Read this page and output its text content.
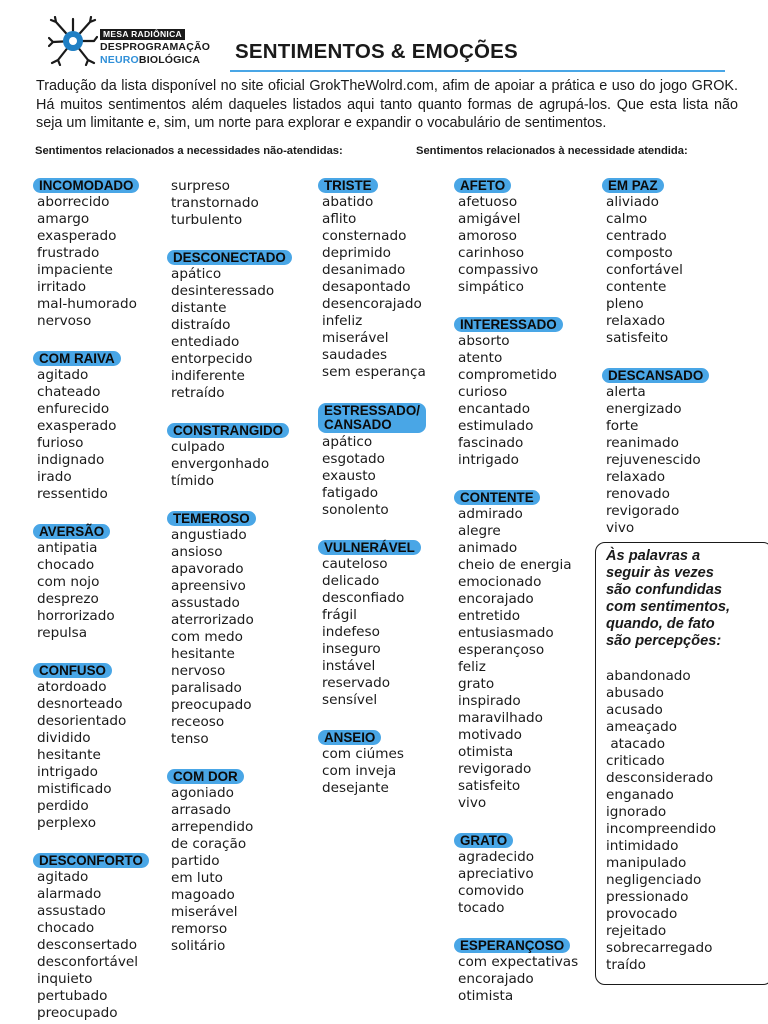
MESA RADIÔNICA
DESPROGRAMAÇÃO
NEUROBIOLÓGICA	SENTIMENTOS & EMOÇÕES

Tradução da lista disponível no site oficial GrokTheWolrd.com, afim de apoiar a prática e uso do jogo GROK. Há muitos sentimentos além daqueles listados aqui tanto quanto formas de agrupá-los. Que esta lista não seja um limitante e, sim, um norte para explorar e expandir o vocabulário de sentimentos.

Sentimentos relacionados a necessidades não-atendidas:	Sentimentos relacionados à necessidade atendida:

INCOMODADO

aborrecido

amargo

exasperado

frustrado

impaciente

irritado

mal-humorado

nervoso

COM RAIVA

agitado

chateado

enfurecido

exasperado

furioso

indignado

irado

ressentido

AVERSÃO

antipatia

chocado

com nojo

desprezo

horrorizado

repulsa

CONFUSO

atordoado

desnorteado

desorientado

dividido

hesitante

intrigado

mistificado

perdido

perplexo

DESCONFORTO

agitado

alarmado

assustado

chocado

desconsertado

desconfortável

inquieto

pertubado

preocupado

surpreso

transtornado

turbulento

DESCONECTADO

apático

desinteressado

distante

distraído

entediado

entorpecido

indiferente

retraído

CONSTRANGIDO

culpado

envergonhado

tímido

TEMEROSO

angustiado

ansioso

apavorado

apreensivo

assustado

aterrorizado

com medo

hesitante

nervoso

paralisado

preocupado

receoso

tenso

COM DOR

agoniado

arrasado

arrependido

de coração

partido

em luto

magoado

miserável

remorso

solitário

TRISTE

abatido

aflito

consternado

deprimido

desanimado

desapontado

desencorajado

infeliz

miserável

saudades

sem esperança

ESTRESSADO/
CANSADO

apático

esgotado

exausto

fatigado

sonolento

VULNERÁVEL

cauteloso

delicado

desconfiado

frágil

indefeso

inseguro

instável

reservado

sensível

ANSEIO

com ciúmes

com inveja

desejante

AFETO

afetuoso

amigável

amoroso

carinhoso

compassivo

simpático

INTERESSADO

absorto

atento

comprometido

curioso

encantado

estimulado

fascinado

intrigado

CONTENTE

admirado

alegre

animado

cheio de energia

emocionado

encorajado

entretido

entusiasmado

esperançoso

feliz

grato

inspirado

maravilhado

motivado

otimista

revigorado

satisfeito

vivo

GRATO

agradecido

apreciativo

comovido

tocado

ESPERANÇOSO

com expectativas

encorajado

otimista

EM PAZ

aliviado

calmo

centrado

composto

confortável

contente

pleno

relaxado

satisfeito

DESCANSADO

alerta

energizado

forte

reanimado

rejuvenescido

relaxado

renovado

revigorado

vivo

Às palavras a
seguir às vezes
são confundidas
com sentimentos,
quando, de fato
são percepções:

abandonado

abusado

acusado

ameaçado

atacado

criticado

desconsiderado

enganado

ignorado

incompreendido

intimidado

manipulado

negligenciado

pressionado

provocado

rejeitado

sobrecarregado

traído
